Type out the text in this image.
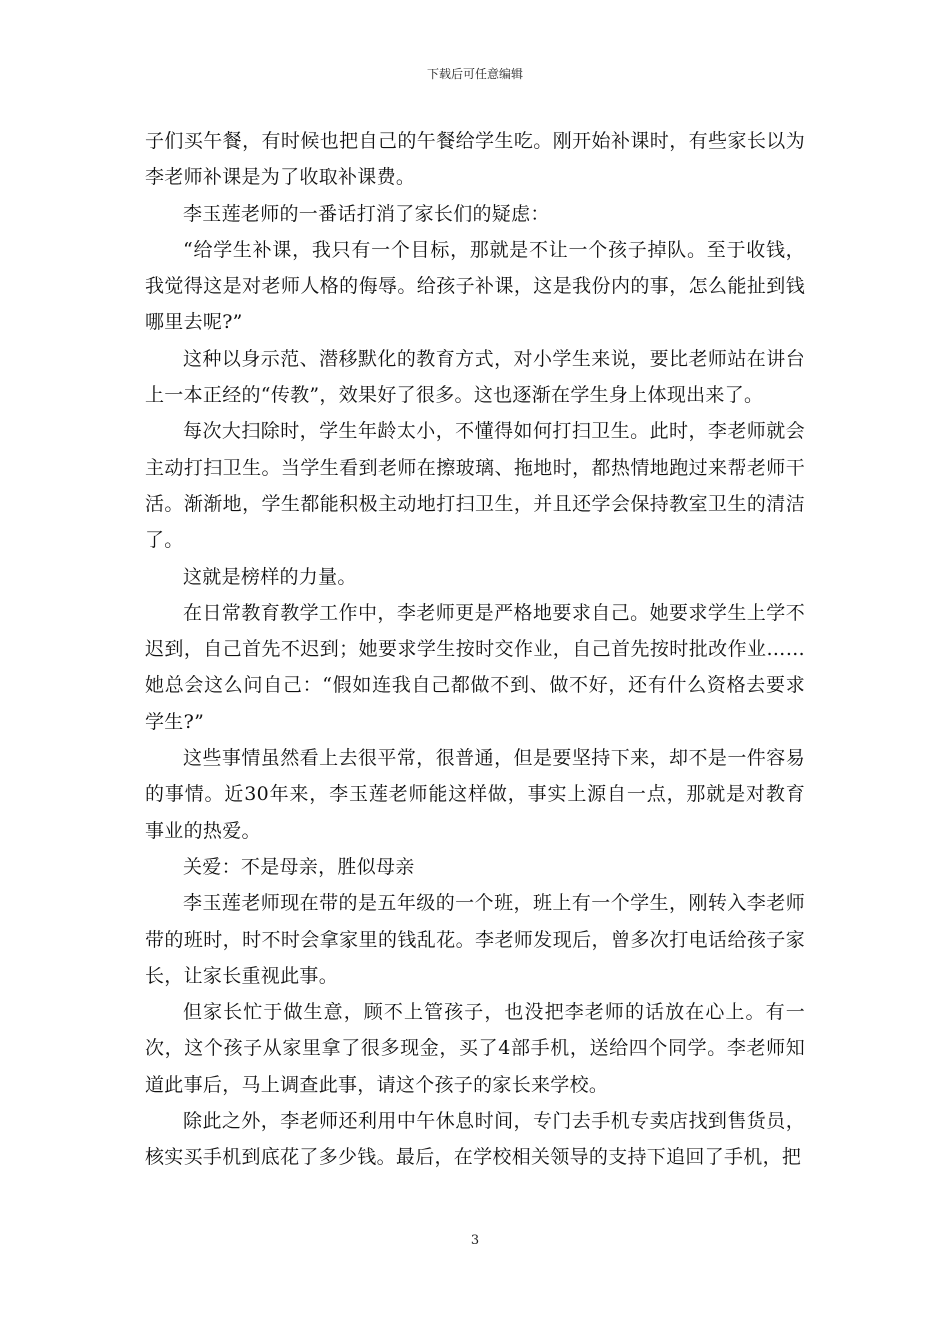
下载后可任意编辑

子们买午餐，有时候也把自己的午餐给学生吃。刚开始补课时，有些家长以为李老师补课是为了收取补课费。

李玉莲老师的一番话打消了家长们的疑虑：

“给学生补课，我只有一个目标，那就是不让一个孩子掉队。至于收钱，我觉得这是对老师人格的侮辱。给孩子补课，这是我份内的事，怎么能扯到钱哪里去呢?”

这种以身示范、潜移默化的教育方式，对小学生来说，要比老师站在讲台上一本正经的“传教”，效果好了很多。这也逐渐在学生身上体现出来了。

每次大扫除时，学生年龄太小，不懂得如何打扫卫生。此时，李老师就会主动打扫卫生。当学生看到老师在擦玻璃、拖地时，都热情地跑过来帮老师干活。渐渐地，学生都能积极主动地打扫卫生，并且还学会保持教室卫生的清洁了。

这就是榜样的力量。

在日常教育教学工作中，李老师更是严格地要求自己。她要求学生上学不迟到，自己首先不迟到；她要求学生按时交作业，自己首先按时批改作业……她总会这么问自己：“假如连我自己都做不到、做不好，还有什么资格去要求学生?”

这些事情虽然看上去很平常，很普通，但是要坚持下来，却不是一件容易的事情。近30年来，李玉莲老师能这样做，事实上源自一点，那就是对教育事业的热爱。

关爱：不是母亲，胜似母亲

李玉莲老师现在带的是五年级的一个班，班上有一个学生，刚转入李老师带的班时，时不时会拿家里的钱乱花。李老师发现后，曾多次打电话给孩子家长，让家长重视此事。

但家长忙于做生意，顾不上管孩子，也没把李老师的话放在心上。有一次，这个孩子从家里拿了很多现金，买了4部手机，送给四个同学。李老师知道此事后，马上调查此事，请这个孩子的家长来学校。

除此之外，李老师还利用中午休息时间，专门去手机专卖店找到售货员，核实买手机到底花了多少钱。最后，在学校相关领导的支持下追回了手机，把

3
